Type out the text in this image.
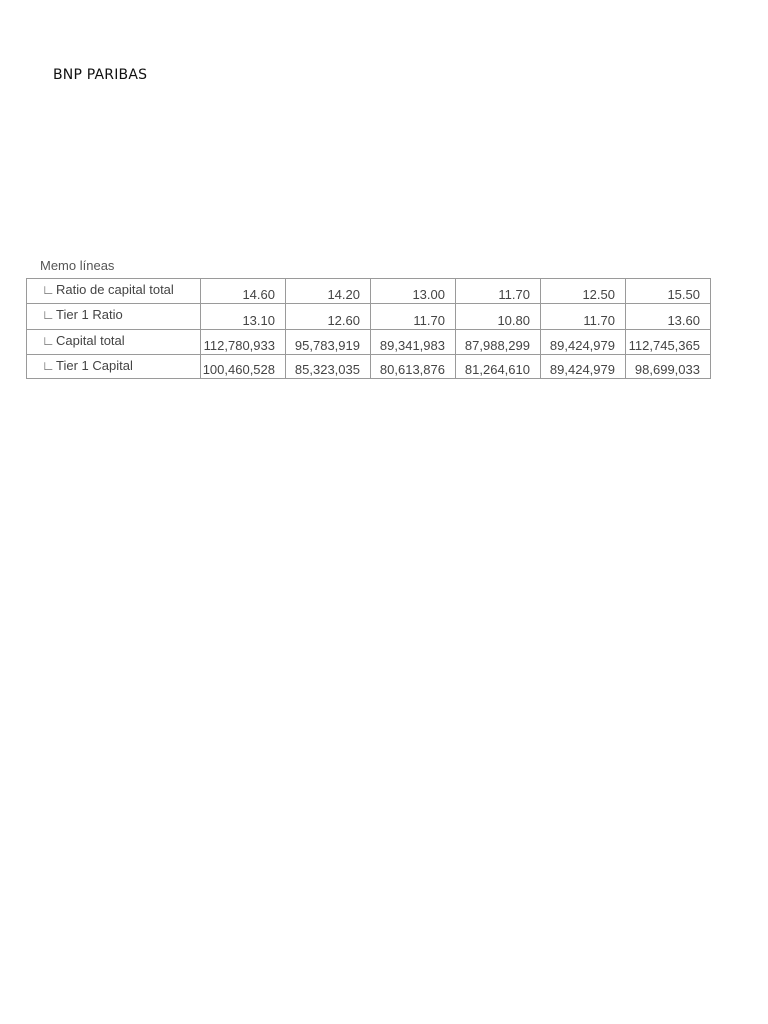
BNP PARIBAS
Memo líneas
∟Ratio de capital total	14.60	14.20	13.00	11.70	12.50	15.50
∟Tier 1 Ratio	13.10	12.60	11.70	10.80	11.70	13.60
∟Capital total	112,780,933	95,783,919	89,341,983	87,988,299	89,424,979	112,745,365
∟Tier 1 Capital	100,460,528	85,323,035	80,613,876	81,264,610	89,424,979	98,699,033
